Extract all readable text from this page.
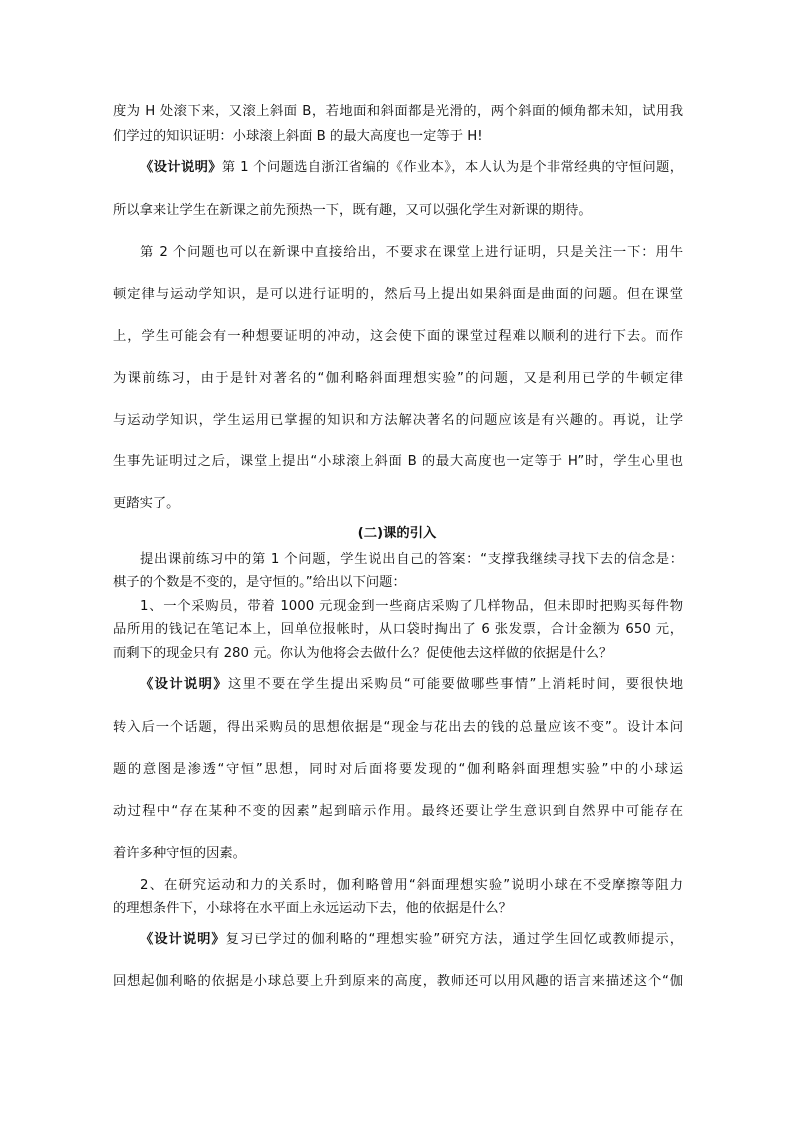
度为 H 处滚下来，又滚上斜面 B，若地面和斜面都是光滑的，两个斜面的倾角都未知，试用我
们学过的知识证明：小球滚上斜面 B 的最大高度也一定等于 H!
《设计说明》第 1 个问题选自浙江省编的《作业本》，本人认为是个非常经典的守恒问题，
所以拿来让学生在新课之前先预热一下，既有趣，又可以强化学生对新课的期待。
第 2 个问题也可以在新课中直接给出，不要求在课堂上进行证明，只是关注一下：用牛
顿定律与运动学知识，是可以进行证明的，然后马上提出如果斜面是曲面的问题。但在课堂
上，学生可能会有一种想要证明的冲动，这会使下面的课堂过程难以顺利的进行下去。而作
为课前练习，由于是针对著名的“伽利略斜面理想实验”的问题，又是利用已学的牛顿定律
与运动学知识，学生运用已掌握的知识和方法解决著名的问题应该是有兴趣的。再说，让学
生事先证明过之后，课堂上提出“小球滚上斜面 B 的最大高度也一定等于 H”时，学生心里也
更踏实了。
(二)课的引入
提出课前练习中的第 1 个问题，学生说出自己的答案：“支撑我继续寻找下去的信念是：
棋子的个数是不变的，是守恒的。”给出以下问题：
1、一个采购员，带着 1000 元现金到一些商店采购了几样物品，但未即时把购买每件物
品所用的钱记在笔记本上，回单位报帐时，从口袋时掏出了 6 张发票，合计金额为 650 元，
而剩下的现金只有 280 元。你认为他将会去做什么？促使他去这样做的依据是什么？
《设计说明》这里不要在学生提出采购员“可能要做哪些事情”上消耗时间，要很快地
转入后一个话题，得出采购员的思想依据是“现金与花出去的钱的总量应该不变”。设计本问
题的意图是渗透“守恒”思想，同时对后面将要发现的“伽利略斜面理想实验”中的小球运
动过程中“存在某种不变的因素”起到暗示作用。最终还要让学生意识到自然界中可能存在
着许多种守恒的因素。
2、在研究运动和力的关系时，伽利略曾用“斜面理想实验”说明小球在不受摩擦等阻力
的理想条件下，小球将在水平面上永远运动下去，他的依据是什么？
《设计说明》复习已学过的伽利略的“理想实验”研究方法，通过学生回忆或教师提示，
回想起伽利略的依据是小球总要上升到原来的高度，教师还可以用风趣的语言来描述这个“伽
